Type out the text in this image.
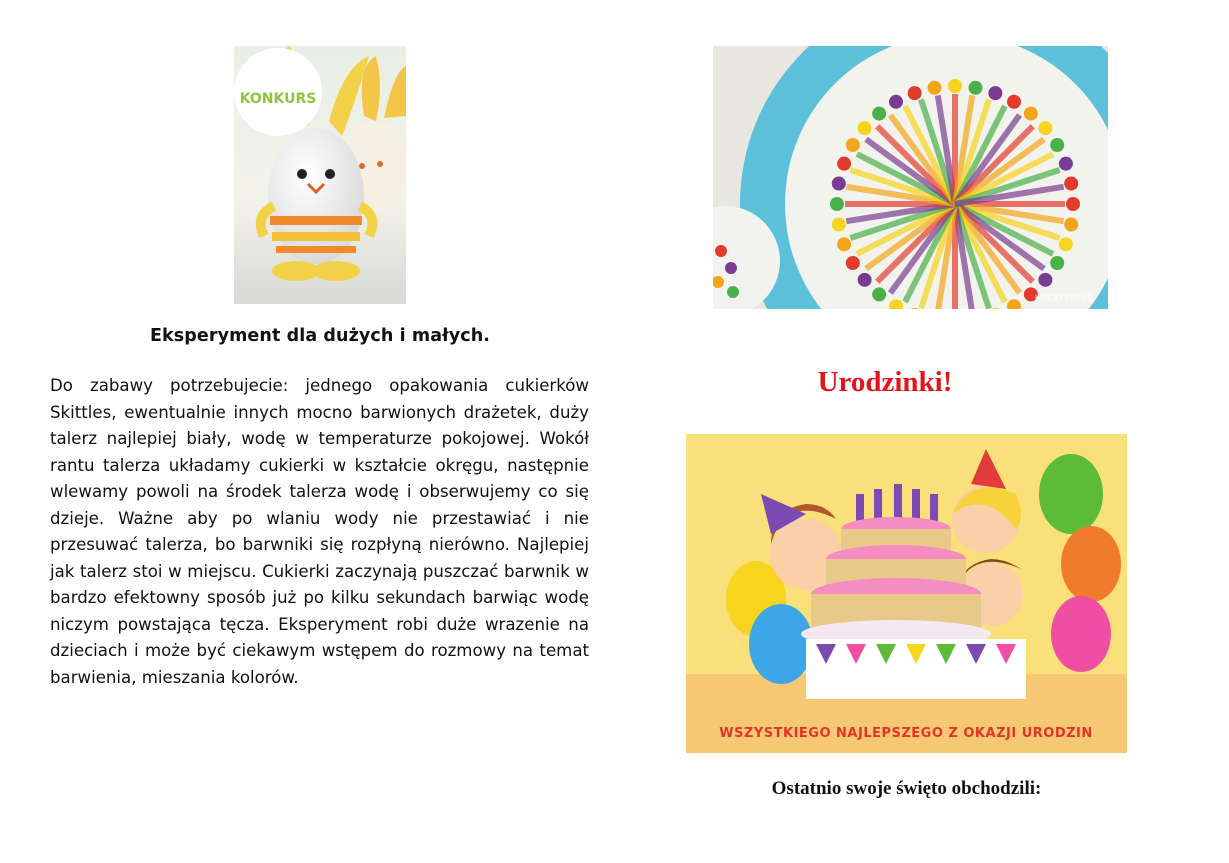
KONKURS
Eksperyment dla dużych i małych.
Do zabawy potrzebujecie: jednego opakowania cukierków Skittles, ewentualnie innych mocno barwionych drażetek, duży talerz najlepiej biały, wodę w temperaturze pokojowej. Wokół rantu talerza układamy cukierki w kształcie okręgu, następnie wlewamy powoli na środek talerza wodę i obserwujemy co się dzieje. Ważne aby po wlaniu wody nie przestawiać i nie przesuwać talerza, bo barwniki się rozpłyną nierówno. Najlepiej jak talerz stoi w miejscu. Cukierki zaczynają puszczać barwnik w bardzo efektowny sposób już po kilku sekundach barwiąc wodę niczym powstająca tęcza. Eksperyment robi duże wrazenie na dzieciach i może być ciekawym wstępem do rozmowy na temat barwienia, mieszania kolorów.
KREATYWNIE
Urodzinki!
WSZYSTKIEGO NAJLEPSZEGO Z OKAZJI URODZIN
Ostatnio swoje święto obchodzili:
